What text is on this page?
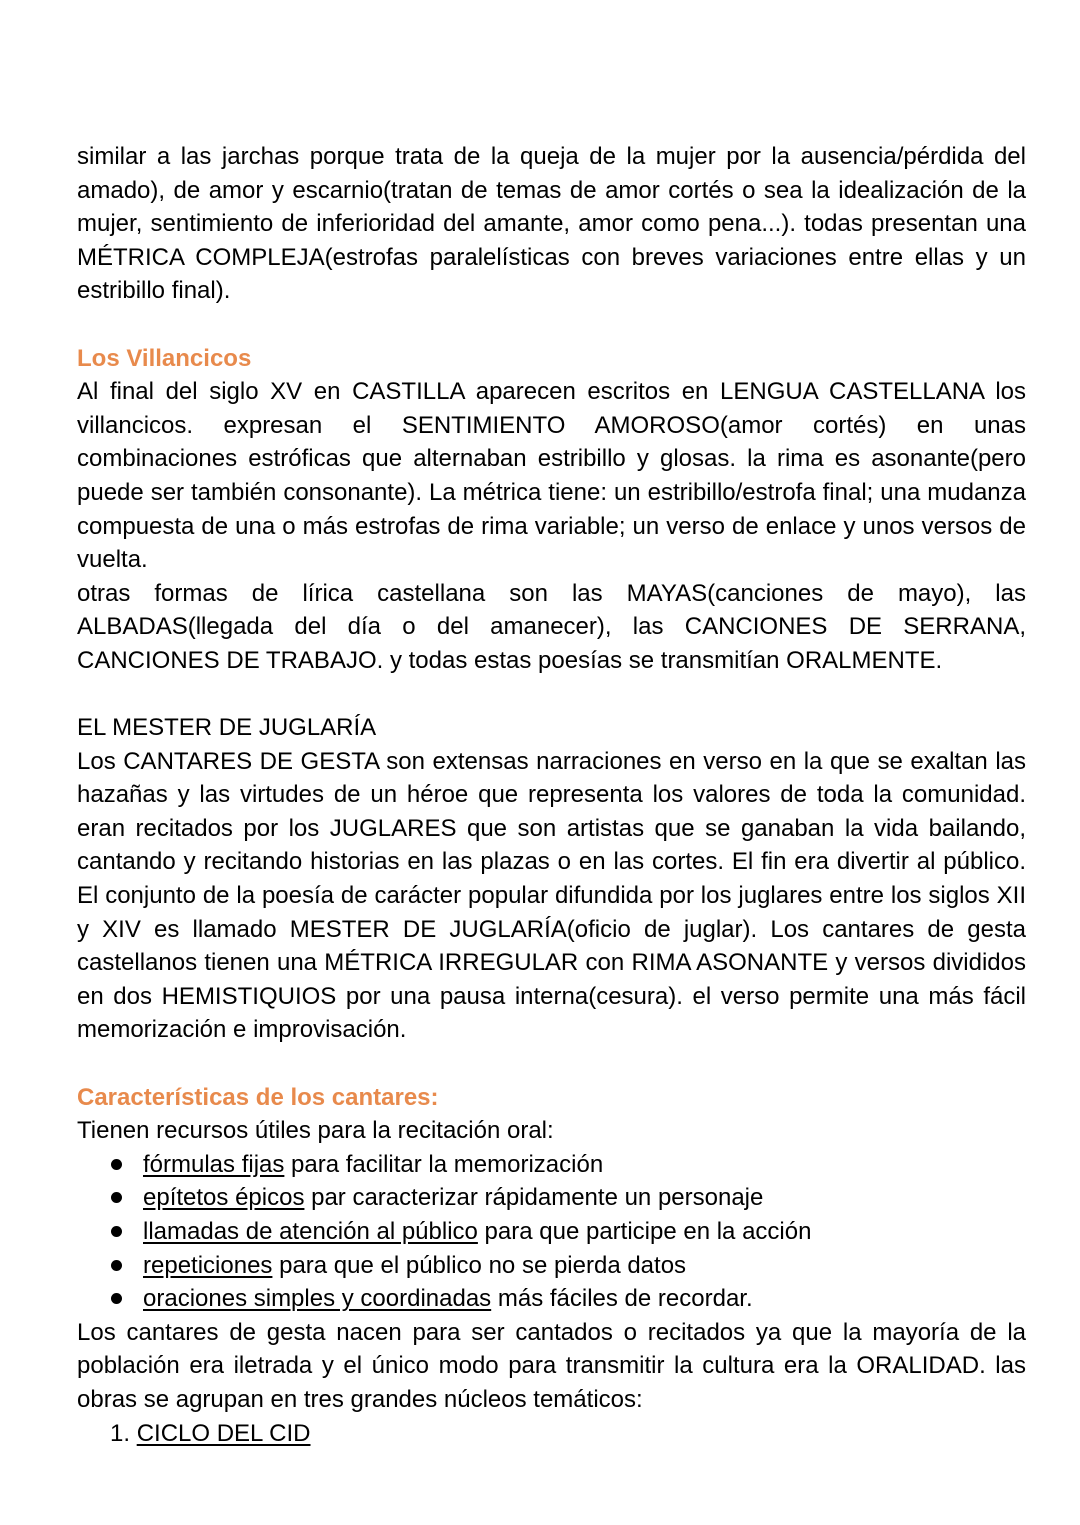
similar a las jarchas porque trata de la queja de la mujer por la ausencia/pérdida del amado), de amor y escarnio(tratan de temas de amor cortés o sea la idealización de la mujer, sentimiento de inferioridad del amante, amor como pena...). todas presentan una MÉTRICA COMPLEJA(estrofas paralelísticas con breves variaciones entre ellas y un estribillo final).

Los Villancicos

Al final del siglo XV en CASTILLA aparecen escritos en LENGUA CASTELLANA los villancicos. expresan el SENTIMIENTO AMOROSO(amor cortés) en unas combinaciones estróficas que alternaban estribillo y glosas. la rima es asonante(pero puede ser también consonante). La métrica tiene: un estribillo/estrofa final; una mudanza compuesta de una o más estrofas de rima variable; un verso de enlace y unos versos de vuelta.

otras formas de lírica castellana son las MAYAS(canciones de mayo), las ALBADAS(llegada del día o del amanecer), las CANCIONES DE SERRANA, CANCIONES DE TRABAJO. y todas estas poesías se transmitían ORALMENTE.

EL MESTER DE JUGLARÍA

Los CANTARES DE GESTA son extensas narraciones en verso en la que se exaltan las hazañas y las virtudes de un héroe que representa los valores de toda la comunidad. eran recitados por los JUGLARES que son artistas que se ganaban la vida bailando, cantando y recitando historias en las plazas o en las cortes. El fin era divertir al público. El conjunto de la poesía de carácter popular difundida por los juglares entre los siglos XII y XIV es llamado MESTER DE JUGLARÍA(oficio de juglar). Los cantares de gesta castellanos tienen una MÉTRICA IRREGULAR con RIMA ASONANTE y versos divididos en dos HEMISTIQUIOS por una pausa interna(cesura). el verso permite una más fácil memorización e improvisación.

Características de los cantares:

Tienen recursos útiles para la recitación oral:

fórmulas fijas para facilitar la memorización
epítetos épicos par caracterizar rápidamente un personaje
llamadas de atención al público para que participe en la acción
repeticiones para que el público no se pierda datos
oraciones simples y coordinadas más fáciles de recordar.

Los cantares de gesta nacen para ser cantados o recitados ya que la mayoría de la población era iletrada y el único modo para transmitir la cultura era la ORALIDAD. las obras se agrupan en tres grandes núcleos temáticos:

1. CICLO DEL CID
